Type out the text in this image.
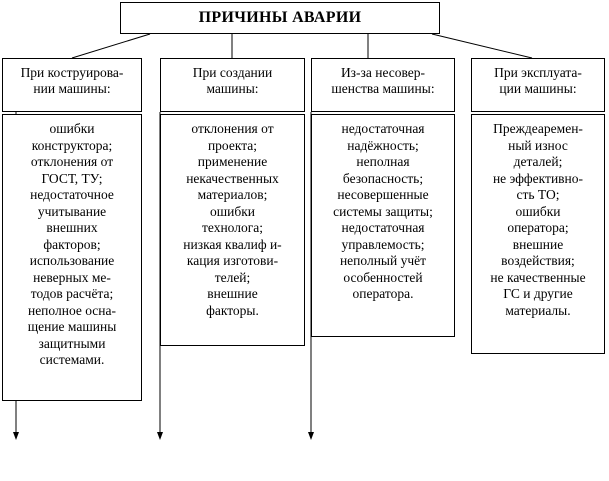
ПРИЧИНЫ АВАРИИ
При коструирова-
нии машины:
ошибки
конструктора;
отклонения от
ГОСТ, ТУ;
недостаточное
учитывание
внешних
факторов;
использование
неверных ме-
тодов расчёта;
неполное осна-
щение машины
защитными
системами.
При создании
машины:
отклонения от
проекта;
применение
некачественных
материалов;
ошибки
технолога;
низкая квалиф и-
кация изготови-
телей;
внешние
факторы.
Из-за несовер-
шенства машины:
недостаточная
надёжность;
неполная
безопасность;
несовершенные
системы защиты;
недостаточная
управлемость;
неполный учёт
особенностей
оператора.
При эксплуата-
ции машины:
Преждеаремен-
ный износ
деталей;
не эффективно-
сть ТО;
ошибки
оператора;
внешние
воздействия;
не качественные
ГС и другие
материалы.
